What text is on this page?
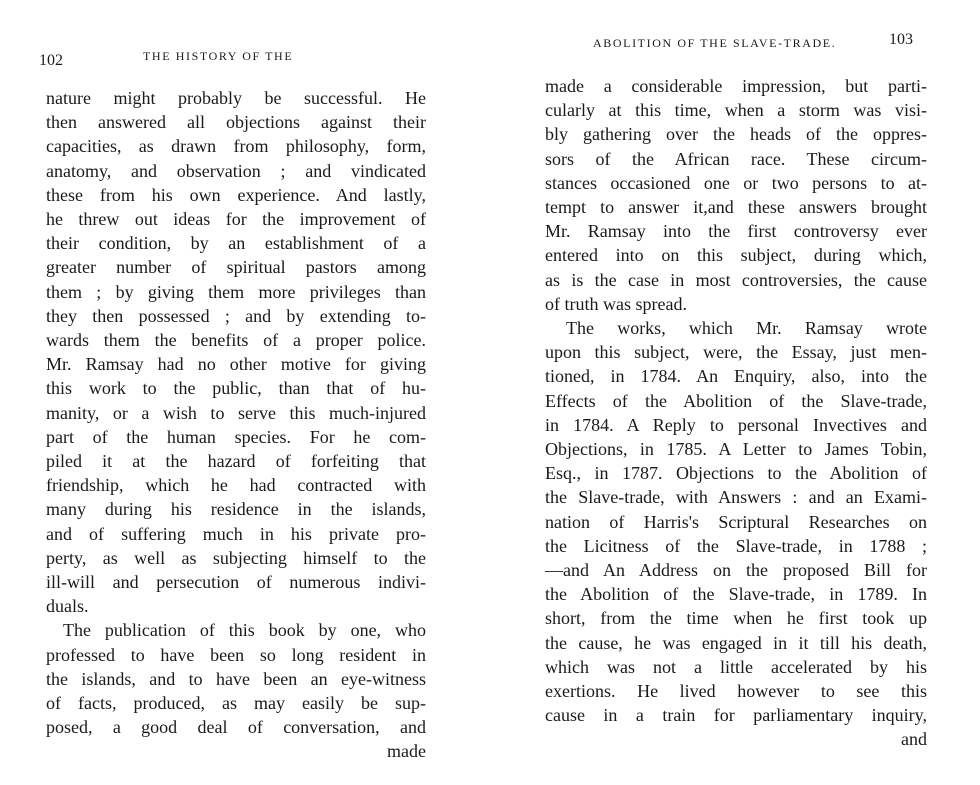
102	THE HISTORY OF THE
nature might probably be successful. He
then answered all objections against their
capacities, as drawn from philosophy, form,
anatomy, and observation ; and vindicated
these from his own experience. And lastly,
he threw out ideas for the improvement of
their condition, by an establishment of a
greater number of spiritual pastors among
them ; by giving them more privileges than
they then possessed ; and by extending to-
wards them the benefits of a proper police.
Mr. Ramsay had no other motive for giving
this work to the public, than that of hu-
manity, or a wish to serve this much-injured
part of the human species. For he com-
piled it at the hazard of forfeiting that
friendship, which he had contracted with
many during his residence in the islands,
and of suffering much in his private pro-
perty, as well as subjecting himself to the
ill-will and persecution of numerous indivi-
duals.
The publication of this book by one, who
professed to have been so long resident in
the islands, and to have been an eye-witness
of facts, produced, as may easily be sup-
posed, a good deal of conversation, and
made
103
ABOLITION OF THE SLAVE-TRADE.
made a considerable impression, but parti-
cularly at this time, when a storm was visi-
bly gathering over the heads of the oppres-
sors of the African race. These circum-
stances occasioned one or two persons to at-
tempt to answer it,and these answers brought
Mr. Ramsay into the first controversy ever
entered into on this subject, during which,
as is the case in most controversies, the cause
of truth was spread.
The works, which Mr. Ramsay wrote
upon this subject, were, the Essay, just men-
tioned, in 1784. An Enquiry, also, into the
Effects of the Abolition of the Slave-trade,
in 1784. A Reply to personal Invectives and
Objections, in 1785. A Letter to James Tobin,
Esq., in 1787. Objections to the Abolition of
the Slave-trade, with Answers : and an Exami-
nation of Harris's Scriptural Researches on
the Licitness of the Slave-trade, in 1788 ;
—and An Address on the proposed Bill for
the Abolition of the Slave-trade, in 1789. In
short, from the time when he first took up
the cause, he was engaged in it till his death,
which was not a little accelerated by his
exertions. He lived however to see this
cause in a train for parliamentary inquiry,
and
